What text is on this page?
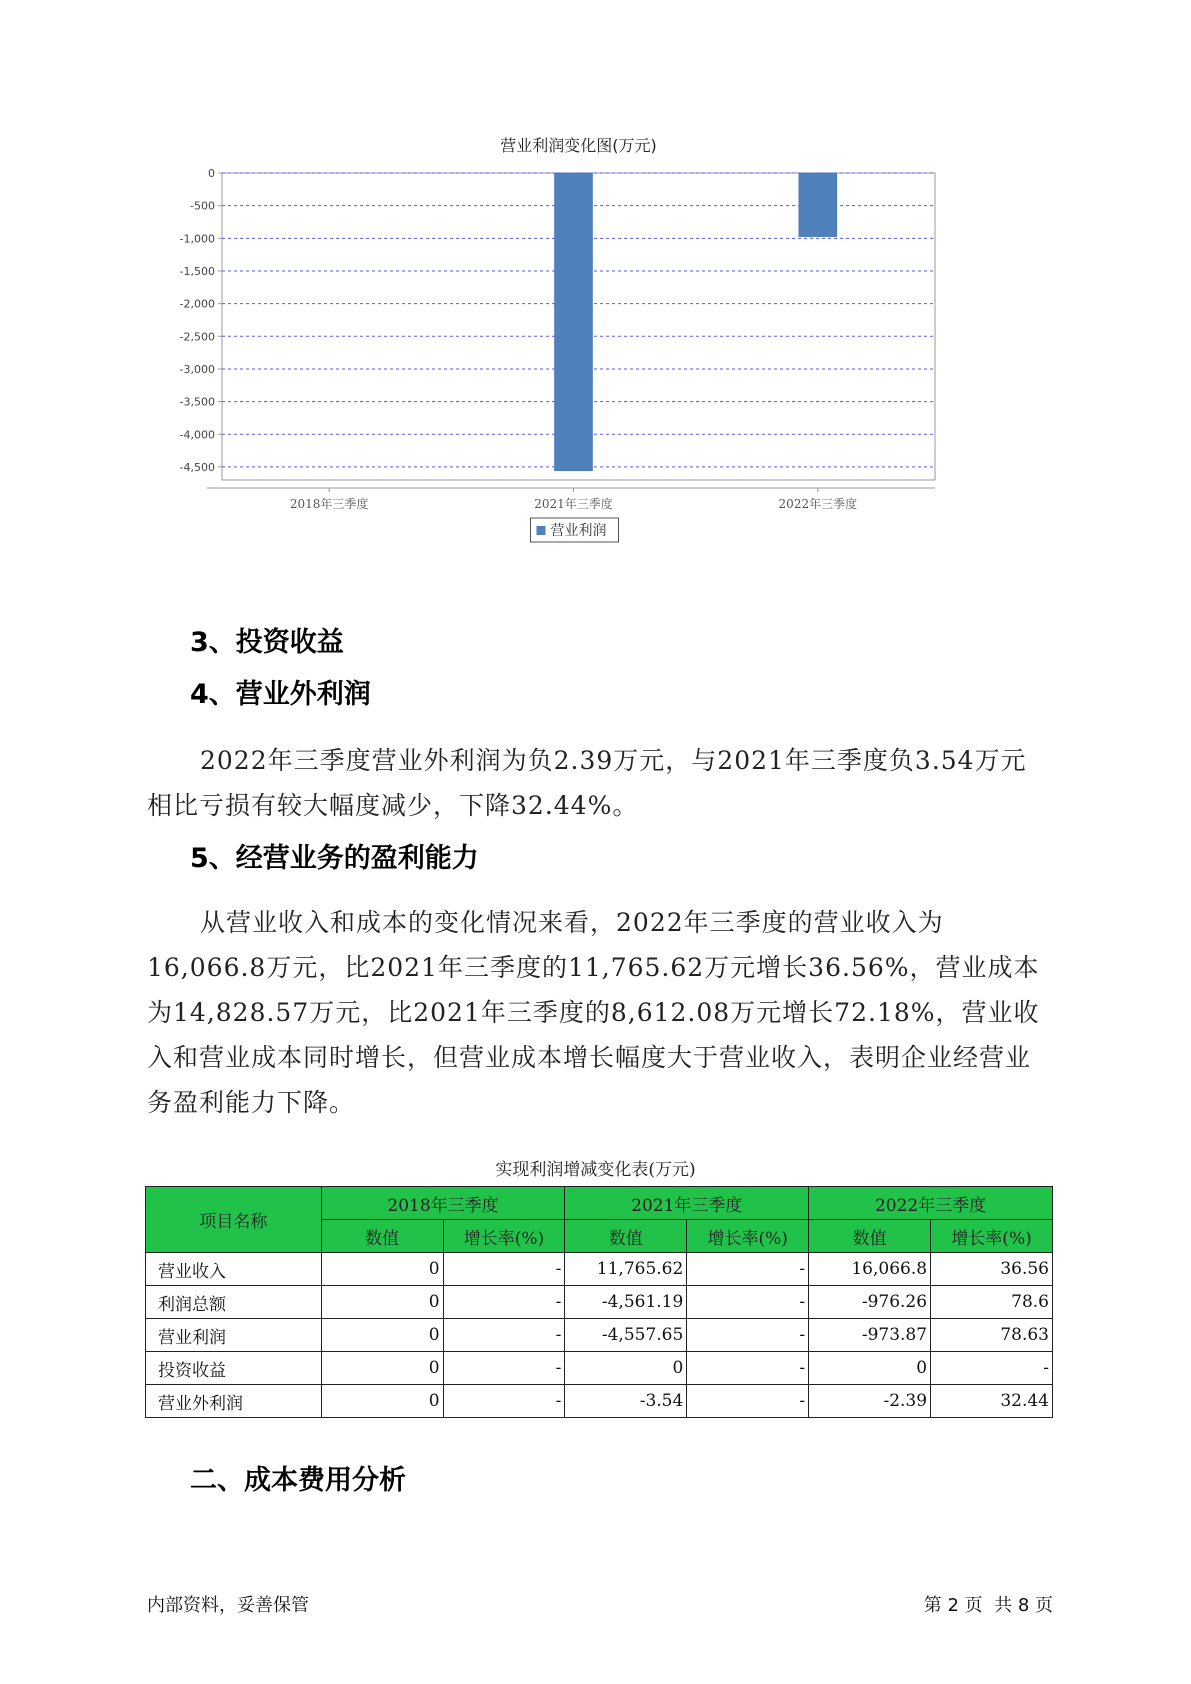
营业利润变化图(万元)
0
-500
-1,000
-1,500
-2,000
-2,500
-3,000
-3,500
-4,000
-4,500
2018年三季度	2021年三季度	2022年三季度
营业利润
3、投资收益
4、营业外利润

2022年三季度营业外利润为负2.39万元，与2021年三季度负3.54万元相比亏损有较大幅度减少，下降32.44%。

5、经营业务的盈利能力

从营业收入和成本的变化情况来看，2022年三季度的营业收入为16,066.8万元，比2021年三季度的11,765.62万元增长36.56%，营业成本为14,828.57万元，比2021年三季度的8,612.08万元增长72.18%，营业收入和营业成本同时增长，但营业成本增长幅度大于营业收入，表明企业经营业务盈利能力下降。

实现利润增减变化表(万元)
项目名称	2018年三季度		2021年三季度		2022年三季度	
	数值	增长率(%)	数值	增长率(%)	数值	增长率(%)
营业收入	0	-	11,765.62	-	16,066.8	36.56
利润总额	0	-	-4,561.19	-	-976.26	78.6
营业利润	0	-	-4,557.65	-	-973.87	78.63
投资收益	0	-	0	-	0	-
营业外利润	0	-	-3.54	-	-2.39	32.44
二、成本费用分析
内部资料，妥善保管	第 2 页  共 8 页
